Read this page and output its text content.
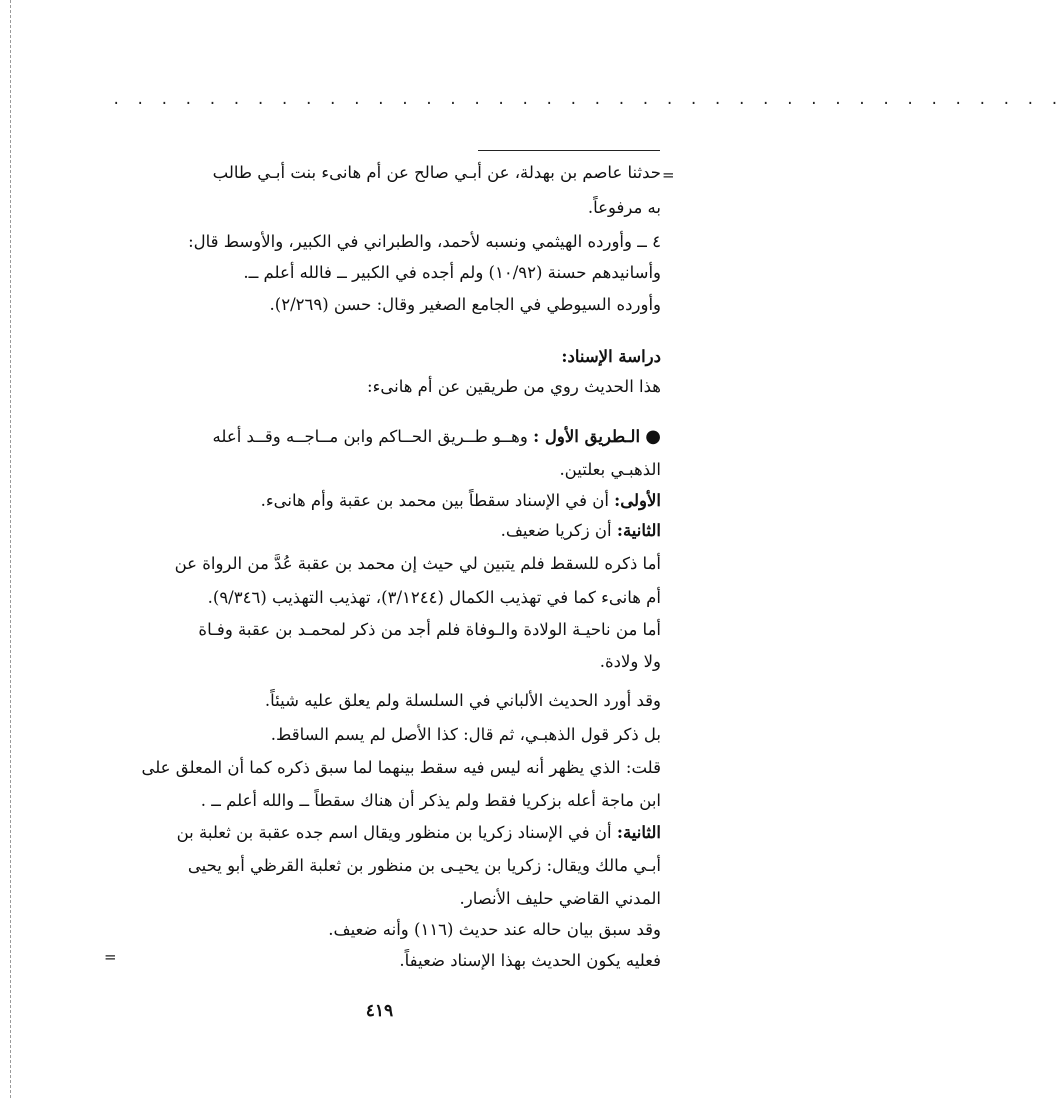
. . . . . . . . . . . . . . . . . . . . . . . . . . . . . . . . . . . . . . . .
=
=
حدثنا عاصم بن بهدلة، عن أبـي صالح عن أم هانىء بنت أبـي طالب
به مرفوعاً.
٤ ــ وأورده الهيثمي ونسبه لأحمد، والطبراني في الكبير، والأوسط قال:
وأسانيدهم حسنة (١٠/٩٢) ولم أجده في الكبير ــ فالله أعلم ــ.
وأورده السيوطي في الجامع الصغير وقال: حسن (٢/٢٦٩).
دراسة الإسناد:
هذا الحديث روي من طريقين عن أم هانىء:
● الـطريق الأول : وهــو طــريق الحــاكم وابن مــاجــه وقــد أعله
الذهبـي بعلتين.
الأولى: أن في الإسناد سقطاً بين محمد بن عقبة وأم هانىء.
الثانية: أن زكريا ضعيف.
أما ذكره للسقط فلم يتبين لي حيث إن محمد بن عقبة عُدَّ من الرواة عن
أم هانىء كما في تهذيب الكمال (٣/١٢٤٤)، تهذيب التهذيب (٩/٣٤٦).
أما من ناحيـة الولادة والـوفاة فلم أجد من ذكر لمحمـد بن عقبة وفـاة
ولا ولادة.
وقد أورد الحديث الألباني في السلسلة ولم يعلق عليه شيئاً.
بل ذكر قول الذهبـي، ثم قال: كذا الأصل لم يسم الساقط.
قلت: الذي يظهر أنه ليس فيه سقط بينهما لما سبق ذكره كما أن المعلق على
ابن ماجة أعله بزكريا فقط ولم يذكر أن هناك سقطاً ــ والله أعلم ــ .
الثانية: أن في الإسناد زكريا بن منظور ويقال اسم جده عقبة بن ثعلبة بن
أبـي مالك ويقال: زكريا بن يحيـى بن منظور بن ثعلبة القرظي أبو يحيى
المدني القاضي حليف الأنصار.
وقد سبق بيان حاله عند حديث (١١٦) وأنه ضعيف.
فعليه يكون الحديث بهذا الإسناد ضعيفاً.
٤١٩
